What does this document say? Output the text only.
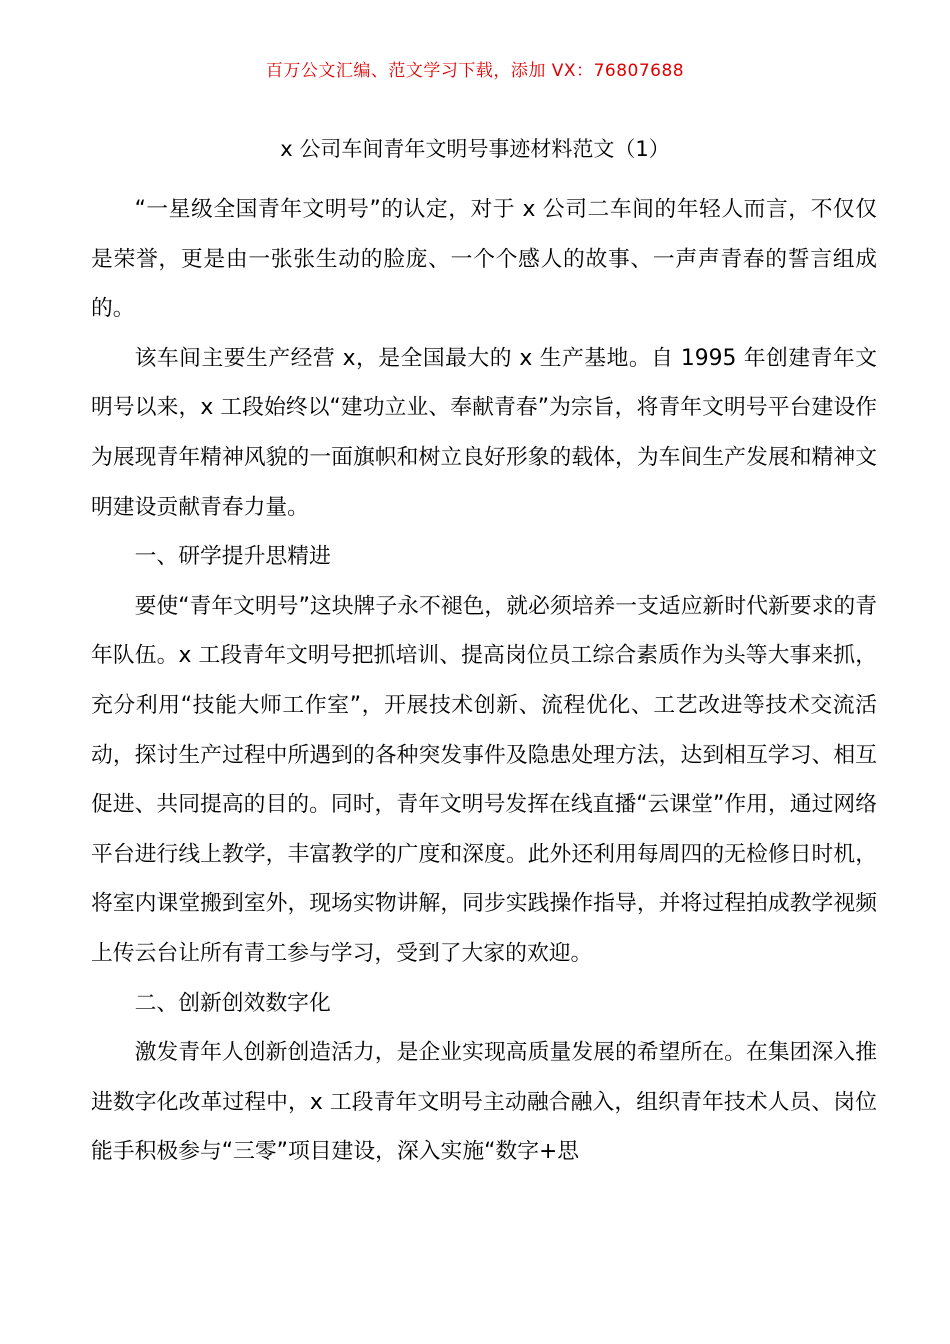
百万公文汇编、范文学习下载，添加 VX：76807688
x 公司车间青年文明号事迹材料范文（1）

“一星级全国青年文明号”的认定，对于 x 公司二车间的年轻人而言，不仅仅是荣誉，更是由一张张生动的脸庞、一个个感人的故事、一声声青春的誓言组成的。

该车间主要生产经营 x，是全国最大的 x 生产基地。自 1995 年创建青年文明号以来，x 工段始终以“建功立业、奉献青春”为宗旨，将青年文明号平台建设作为展现青年精神风貌的一面旗帜和树立良好形象的载体，为车间生产发展和精神文明建设贡献青春力量。

一、研学提升思精进

要使“青年文明号”这块牌子永不褪色，就必须培养一支适应新时代新要求的青年队伍。x 工段青年文明号把抓培训、提高岗位员工综合素质作为头等大事来抓，充分利用“技能大师工作室”，开展技术创新、流程优化、工艺改进等技术交流活动，探讨生产过程中所遇到的各种突发事件及隐患处理方法，达到相互学习、相互促进、共同提高的目的。同时，青年文明号发挥在线直播“云课堂”作用，通过网络平台进行线上教学，丰富教学的广度和深度。此外还利用每周四的无检修日时机，将室内课堂搬到室外，现场实物讲解，同步实践操作指导，并将过程拍成教学视频上传云台让所有青工参与学习，受到了大家的欢迎。

二、创新创效数字化

激发青年人创新创造活力，是企业实现高质量发展的希望所在。在集团深入推进数字化改革过程中，x 工段青年文明号主动融合融入，组织青年技术人员、岗位能手积极参与“三零”项目建设，深入实施“数字+思
